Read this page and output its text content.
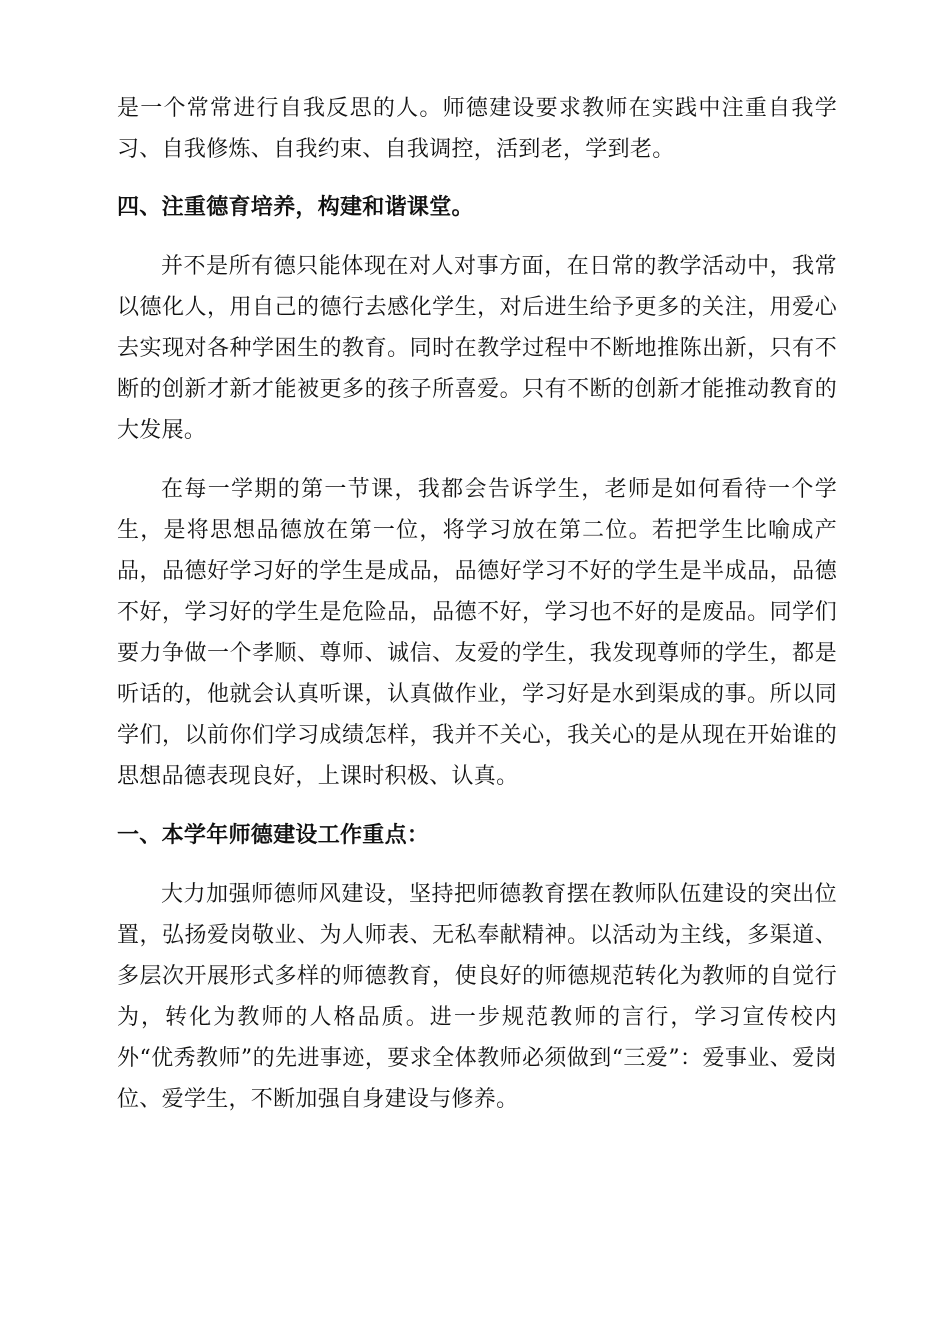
是一个常常进行自我反思的人。师德建设要求教师在实践中注重自我学习、自我修炼、自我约束、自我调控，活到老，学到老。

四、注重德育培养，构建和谐课堂。

并不是所有德只能体现在对人对事方面，在日常的教学活动中，我常以德化人，用自己的德行去感化学生，对后进生给予更多的关注，用爱心去实现对各种学困生的教育。同时在教学过程中不断地推陈出新，只有不断的创新才新才能被更多的孩子所喜爱。只有不断的创新才能推动教育的大发展。

在每一学期的第一节课，我都会告诉学生，老师是如何看待一个学生，是将思想品德放在第一位，将学习放在第二位。若把学生比喻成产品，品德好学习好的学生是成品，品德好学习不好的学生是半成品，品德不好，学习好的学生是危险品，品德不好，学习也不好的是废品。同学们要力争做一个孝顺、尊师、诚信、友爱的学生，我发现尊师的学生，都是听话的，他就会认真听课，认真做作业，学习好是水到渠成的事。所以同学们，以前你们学习成绩怎样，我并不关心，我关心的是从现在开始谁的思想品德表现良好，上课时积极、认真。

一、本学年师德建设工作重点：

大力加强师德师风建设，坚持把师德教育摆在教师队伍建设的突出位置，弘扬爱岗敬业、为人师表、无私奉献精神。以活动为主线，多渠道、多层次开展形式多样的师德教育，使良好的师德规范转化为教师的自觉行为，转化为教师的人格品质。进一步规范教师的言行，学习宣传校内外“优秀教师”的先进事迹，要求全体教师必须做到“三爱”：爱事业、爱岗位、爱学生，不断加强自身建设与修养。
